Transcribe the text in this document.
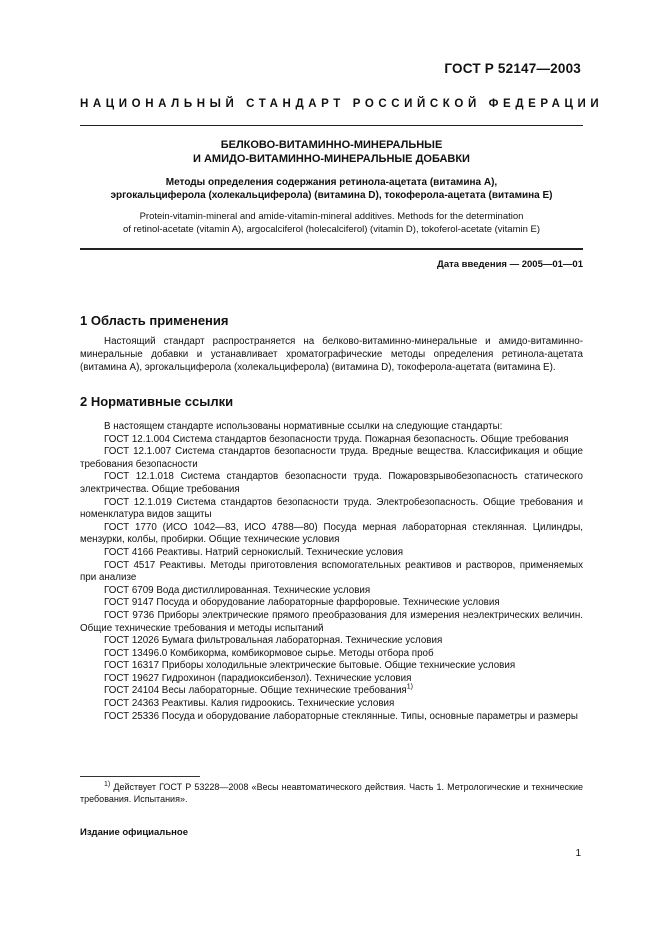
ГОСТ Р 52147—2003
НАЦИОНАЛЬНЫЙ СТАНДАРТ РОССИЙСКОЙ ФЕДЕРАЦИИ
БЕЛКОВО-ВИТАМИННО-МИНЕРАЛЬНЫЕ
И АМИДО-ВИТАМИННО-МИНЕРАЛЬНЫЕ ДОБАВКИ
Методы определения содержания ретинола-ацетата (витамина А),
эргокальциферола (холекальциферола) (витамина D), токоферола-ацетата (витамина Е)
Protein-vitamin-mineral and amide-vitamin-mineral additives. Methods for the determination
of retinol-acetate (vitamin A), argocalciferol (holecalciferol) (vitamin D), tokoferol-acetate (vitamin E)
Дата введения — 2005—01—01
1 Область применения
Настоящий стандарт распространяется на белково-витаминно-минеральные и амидо-витаминно-минеральные добавки и устанавливает хроматографические методы определения ретинола-ацетата (витамина А), эргокальциферола (холекальциферола) (витамина D), токоферола-ацетата (витамина Е).
2 Нормативные ссылки

В настоящем стандарте использованы нормативные ссылки на следующие стандарты:

ГОСТ 12.1.004 Система стандартов безопасности труда. Пожарная безопасность. Общие требования

ГОСТ 12.1.007 Система стандартов безопасности труда. Вредные вещества. Классификация и общие требования безопасности

ГОСТ 12.1.018 Система стандартов безопасности труда. Пожаровзрывобезопасность статического электричества. Общие требования

ГОСТ 12.1.019 Система стандартов безопасности труда. Электробезопасность. Общие требования и номенклатура видов защиты

ГОСТ 1770 (ИСО 1042—83, ИСО 4788—80) Посуда мерная лабораторная стеклянная. Цилиндры, мензурки, колбы, пробирки. Общие технические условия

ГОСТ 4166 Реактивы. Натрий сернокислый. Технические условия

ГОСТ 4517 Реактивы. Методы приготовления вспомогательных реактивов и растворов, применяемых при анализе

ГОСТ 6709 Вода дистиллированная. Технические условия

ГОСТ 9147 Посуда и оборудование лабораторные фарфоровые. Технические условия

ГОСТ 9736 Приборы электрические прямого преобразования для измерения неэлектрических величин. Общие технические требования и методы испытаний

ГОСТ 12026 Бумага фильтровальная лабораторная. Технические условия

ГОСТ 13496.0 Комбикорма, комбикормовое сырье. Методы отбора проб

ГОСТ 16317 Приборы холодильные электрические бытовые. Общие технические условия

ГОСТ 19627 Гидрохинон (парадиоксибензол). Технические условия

ГОСТ 24104 Весы лабораторные. Общие технические требования$^{1)}$

ГОСТ 24363 Реактивы. Калия гидроокись. Технические условия

ГОСТ 25336 Посуда и оборудование лабораторные стеклянные. Типы, основные параметры и размеры

$^{1)}$ Действует ГОСТ Р 53228—2008 «Весы неавтоматического действия. Часть 1. Метрологические и технические требования. Испытания».
Издание официальное
1
